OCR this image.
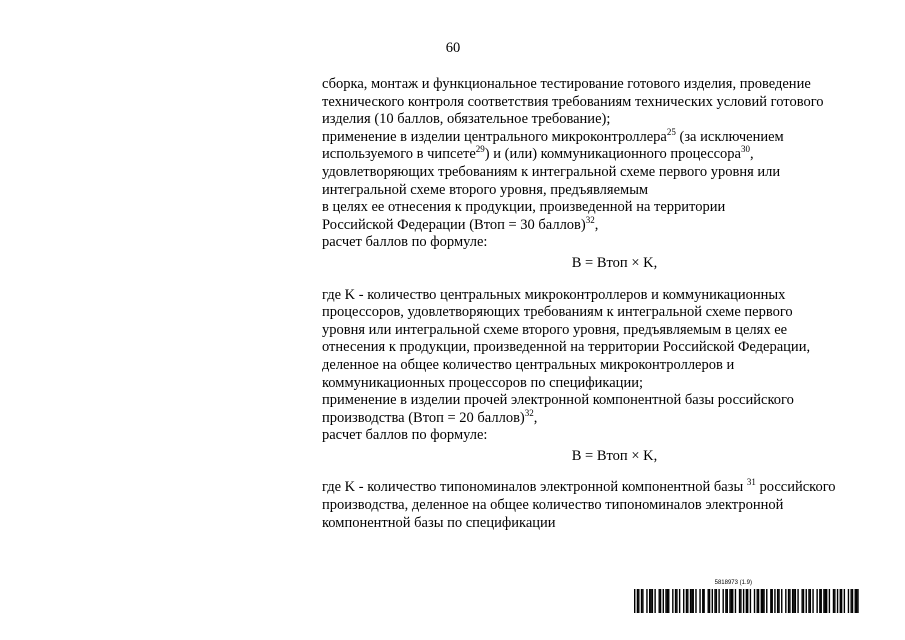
60
сборка, монтаж и функциональное тестирование готового изделия, проведение
технического контроля соответствия требованиям технических условий готового
изделия (10 баллов, обязательное требование);
применение в изделии центрального микроконтроллера$^{25}$ (за исключением
используемого в чипсете$^{29}$) и (или) коммуникационного процессора$^{30}$,
удовлетворяющих требованиям к интегральной схеме первого уровня или
интегральной схеме второго уровня, предъявляемым
в целях ее отнесения к продукции, произведенной на территории
Российской Федерации (Втоп = 30 баллов)$^{32}$,
расчет баллов по формуле:
B = Втоп × K,
где K - количество центральных микроконтроллеров и коммуникационных
процессоров, удовлетворяющих требованиям к интегральной схеме первого
уровня или интегральной схеме второго уровня, предъявляемым в целях ее
отнесения к продукции, произведенной на территории Российской Федерации,
деленное на общее количество центральных микроконтроллеров и
коммуникационных процессоров по спецификации;
применение в изделии прочей электронной компонентной базы российского
производства (Втоп = 20 баллов)$^{32}$,
расчет баллов по формуле:
B = Втоп × K,
где K - количество типономиналов электронной компонентной базы $^{31}$ российского
производства, деленное на общее количество типономиналов электронной
компонентной базы по спецификации
5818973 (1.9)
